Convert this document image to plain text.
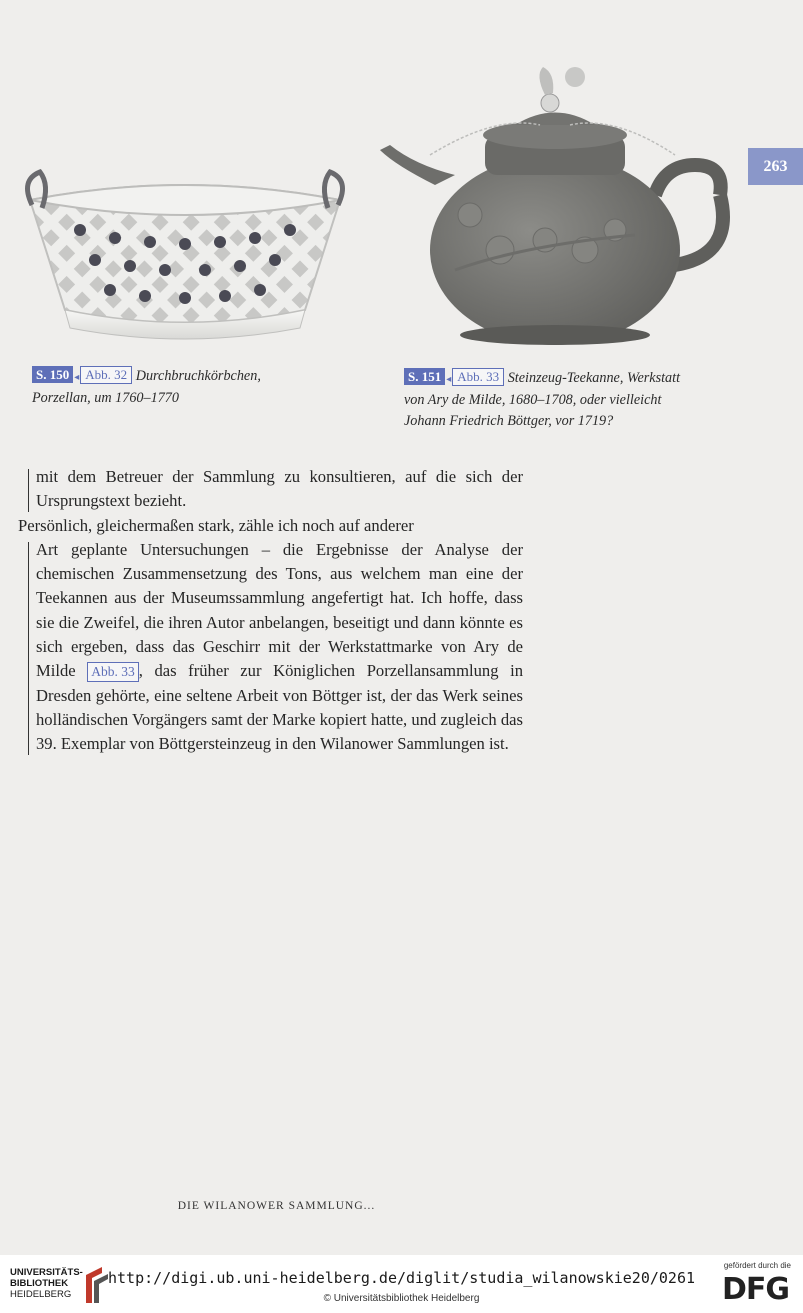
263
S. 150 ◂ Abb. 32 Durchbruchkörbchen,
Porzellan, um 1760–1770
S. 151 ◂ Abb. 33 Steinzeug-Teekanne, Werkstatt
von Ary de Milde, 1680–1708, oder vielleicht
Johann Friedrich Böttger, vor 1719?

mit dem Betreuer der Sammlung zu konsultieren, auf die sich der Ursprungstext bezieht.

Persönlich, gleichermaßen stark, zähle ich noch auf anderer

Art geplante Untersuchungen – die Ergebnisse der Analyse der chemischen Zusammensetzung des Tons, aus welchem man eine der Teekannen aus der Museumssammlung angefertigt hat. Ich hoffe, dass sie die Zweifel, die ihren Autor anbelangen, beseitigt und dann könnte es sich ergeben, dass das Geschirr mit der Werkstattmarke von Ary de Milde Abb. 33 , das früher zur Königlichen Porzellansammlung in Dresden gehörte, eine seltene Arbeit von Böttger ist, der das Werk seines holländischen Vorgängers samt der Marke kopiert hatte, und zugleich das 39. Exemplar von Böttgersteinzeug in den Wilanower Sammlungen ist.

DIE WILANOWER SAMMLUNG...
UNIVERSITÄTS-
BIBLIOTHEK
HEIDELBERG
http://digi.ub.uni-heidelberg.de/diglit/studia_wilanowskie20/0261
© Universitätsbibliothek Heidelberg
gefördert durch die
DFG
